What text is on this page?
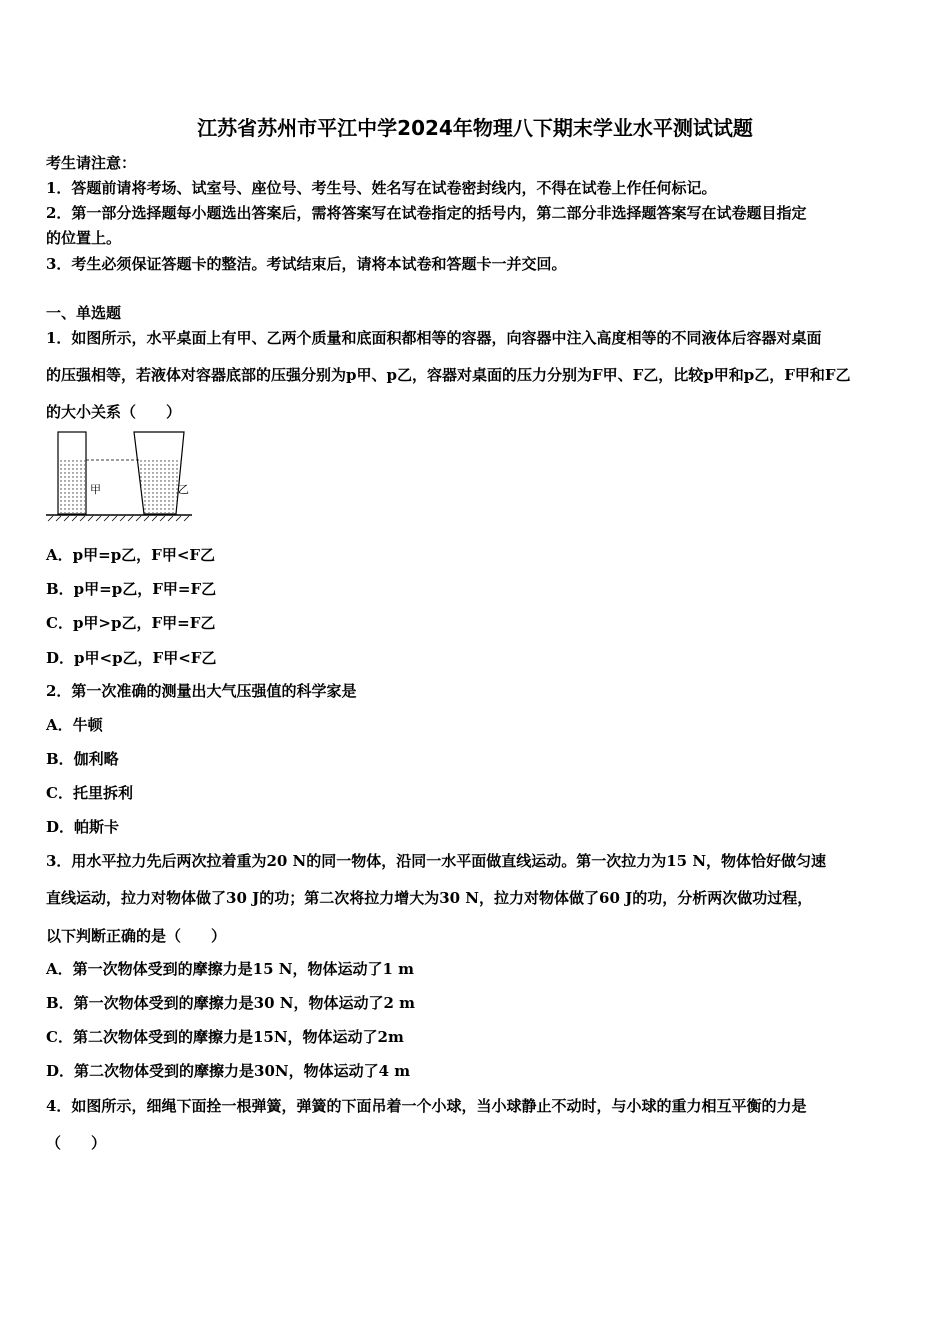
江苏省苏州市平江中学2024年物理八下期末学业水平测试试题
考生请注意：
1．答题前请将考场、试室号、座位号、考生号、姓名写在试卷密封线内，不得在试卷上作任何标记。
2．第一部分选择题每小题选出答案后，需将答案写在试卷指定的括号内，第二部分非选择题答案写在试卷题目指定
的位置上。
3．考生必须保证答题卡的整洁。考试结束后，请将本试卷和答题卡一并交回。
一、单选题
1．如图所示，水平桌面上有甲、乙两个质量和底面积都相等的容器，向容器中注入高度相等的不同液体后容器对桌面
的压强相等，若液体对容器底部的压强分别为p甲、p乙，容器对桌面的压力分别为F甲、F乙，比较p甲和p乙，F甲和F乙
的大小关系（　　）
甲	乙
A．p甲=p乙，F甲<F乙
B．p甲=p乙，F甲=F乙
C．p甲>p乙，F甲=F乙
D．p甲<p乙，F甲<F乙
2．第一次准确的测量出大气压强值的科学家是
A．牛顿
B．伽利略
C．托里拆利
D．帕斯卡
3．用水平拉力先后两次拉着重为20 N的同一物体，沿同一水平面做直线运动。第一次拉力为15 N，物体恰好做匀速
直线运动，拉力对物体做了30 J的功；第二次将拉力增大为30 N，拉力对物体做了60 J的功，分析两次做功过程，
以下判断正确的是（　　）
A．第一次物体受到的摩擦力是15 N，物体运动了1 m
B．第一次物体受到的摩擦力是30 N，物体运动了2 m
C．第二次物体受到的摩擦力是15N，物体运动了2m
D．第二次物体受到的摩擦力是30N，物体运动了4 m
4．如图所示，细绳下面拴一根弹簧，弹簧的下面吊着一个小球，当小球静止不动时，与小球的重力相互平衡的力是
（　　）
